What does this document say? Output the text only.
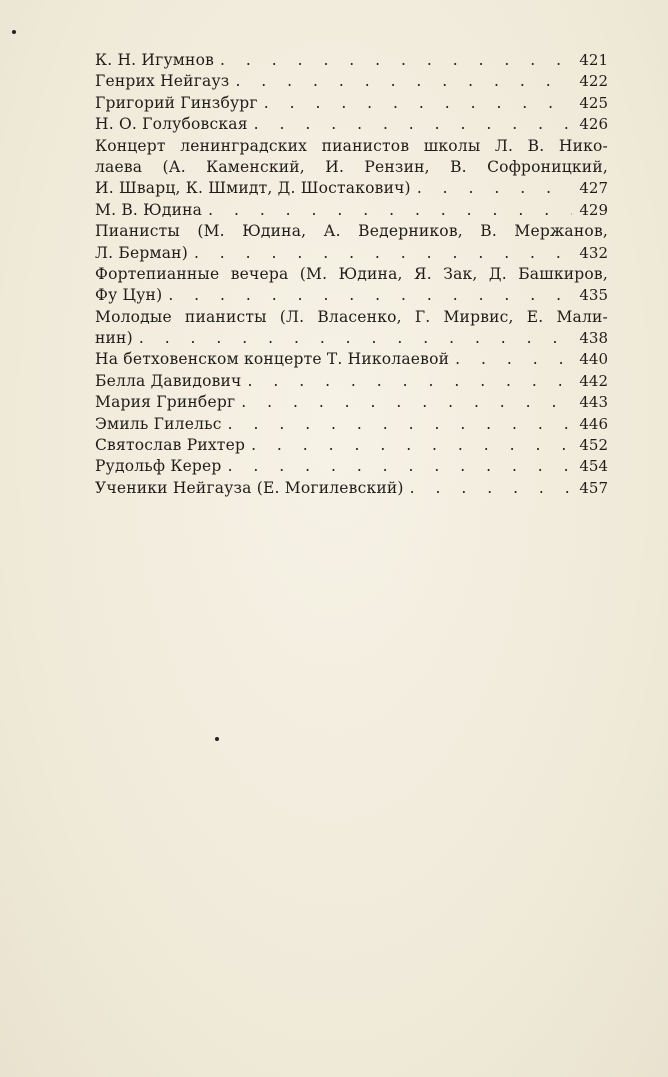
К. Н. Игумнов . . .	421
Генрих Нейгауз . . .	422
Григорий Гинзбург . . .	425
Н. О. Голубовская . . .	426
Концерт ленинградских пианистов школы Л. В. Нико-
лаева (А. Каменский, И. Рензин, В. Софроницкий,
И. Шварц, К. Шмидт, Д. Шостакович) . . .	427
М. В. Юдина . . .	429
Пианисты (М. Юдина, А. Ведерников, В. Мержанов,
Л. Берман) . . .	432
Фортепианные вечера (М. Юдина, Я. Зак, Д. Башкиров,
Фу Цун) . . .	435
Молодые пианисты (Л. Власенко, Г. Мирвис, Е. Мали-
нин) . . .	438
На бетховенском концерте Т. Николаевой . . .	440
Белла Давидович . . .	442
Мария Гринберг . . .	443
Эмиль Гилельс . . .	446
Святослав Рихтер . . .	452
Рудольф Керер . . .	454
Ученики Нейгауза (Е. Могилевский) . . .	457
